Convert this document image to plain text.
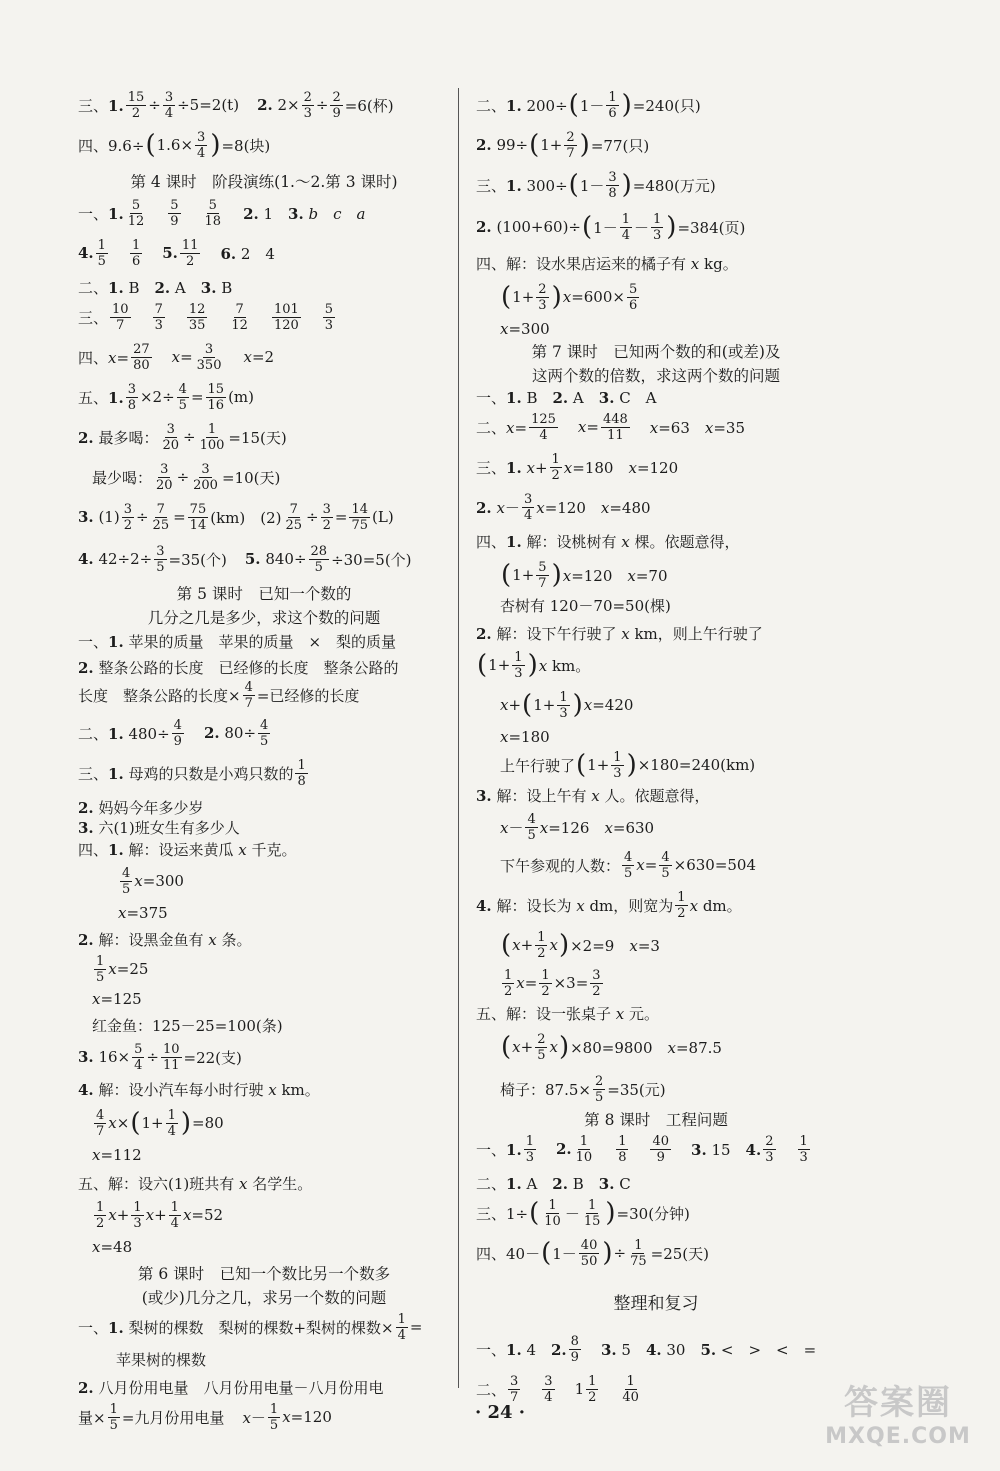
三、1. $\frac{15}{2} \div \frac{3}{4} \div 5=2(t)$ 2. $2\times \frac{2}{3} \div \frac{2}{9} =6$(杯)
四、9.6÷ ( $1.6\times \frac{3}{4}$ ) =8(块)
第 4 课时　阶段演练(1.～2.第 3 课时)
一、1. $\frac{5}{12} \frac{5}{9} \frac{5}{18} 2$. 1　3. b　 c　 a
4. $\frac{1}{5} \frac{1}{6} 5$. $\frac{11}{2} 6$. 2　4
二、1. B　2. A　3. B
三、 $\frac{10}{7} \frac{7}{3} \frac{12}{35} \frac{7}{12} \frac{101}{120} \frac{5}{3}$
四、$x= \frac{27}{80} x= \frac{3}{350} x=2$
五、1. $\frac{3}{8} \times 2\div \frac{4}{5} = \frac{15}{16} (m)$
2. 最多喝： $\frac{3}{20} \div \frac{1}{100} =15$(天)
最少喝： $\frac{3}{20} \div \frac{3}{200} =10$(天)
3. $(1) \frac{3}{2} \div \frac{7}{25} = \frac{75}{14} (km)$　$(2) \frac{7}{25} \div \frac{3}{2} = \frac{14}{75} (L)$
4. $42\div 2\div \frac{3}{5} =35$(个) 5. $840\div \frac{28}{5} \div 30=5$(个)
第 5 课时　已知一个数的
几分之几是多少，求这个数的问题
一、1. 苹果的质量　苹果的质量　×　梨的质量
2. 整条公路的长度　已经修的长度　整条公路的
长度　整条公路的长度× $\frac{4}{7}$ =已经修的长度
二、1. $480\div \frac{4}{9} 2$. $80\div \frac{4}{5}$
三、1. 母鸡的只数是小鸡只数的 $\frac{1}{8}$
2. 妈妈今年多少岁
3. 六(1)班女生有多少人
四、1. 解：设运来黄瓜 x 千克。
$\frac{4}{5} x=300$
x=375
2. 解：设黑金鱼有 x 条。
$\frac{1}{5} x=25$
x=125
红金鱼：125－25=100(条)
3. $16\times \frac{5}{4} \div \frac{10}{11} =22$(支)
4. 解：设小汽车每小时行驶 x km。
$\frac{4}{7} x\times$ ( $1+ \frac{1}{4}$ ) =80
x=112
五、解：设六(1)班共有 x 名学生。
$\frac{1}{2} x+ \frac{1}{3} x+ \frac{1}{4} x=52$
x=48
第 6 课时　已知一个数比另一个数多
(或少)几分之几，求另一个数的问题
一、1. 梨树的棵数　梨树的棵数+梨树的棵数× $\frac{1}{4}$ =
苹果树的棵数
2. 八月份用电量　八月份用电量－八月份用电
量× $\frac{1}{5}$ =九月份用电量 $x- \frac{1}{5} x=120$
二、1. 200÷ ( $1- \frac{1}{6}$ ) =240(只)
2. 99÷ ( $1+ \frac{2}{7}$ ) =77(只)
三、1. 300÷ ( $1- \frac{3}{8}$ ) =480(万元)
2. (100+60)÷ ( $1- \frac{1}{4} - \frac{1}{3}$ ) =384(页)
四、解：设水果店运来的橘子有 x kg。
( $1+ \frac{2}{3}$ ) $x=600\times \frac{5}{6}$
x=300
第 7 课时　已知两个数的和(或差)及
这两个数的倍数，求这两个数的问题
一、1. B　2. A　3. C　A
二、$x= \frac{125}{4} x= \frac{448}{11} x=63$　x=35
三、1. $x+ \frac{1}{2} x=180$　x=120
2. $x- \frac{3}{4} x=120$　x=480
四、1. 解：设桃树有 x 棵。依题意得，
( $1+ \frac{5}{7}$ ) x=120　x=70
杏树有 120－70=50(棵)
2. 解：设下午行驶了 x km，则上午行驶了
( $1+ \frac{1}{3}$ ) x km。
x+ ( $1+ \frac{1}{3}$ ) x=420
x=180
上午行驶了 ( $1+ \frac{1}{3}$ ) ×180=240(km)
3. 解：设上午有 x 人。依题意得，
$x- \frac{4}{5} x=126$　x=630
下午参观的人数： $\frac{4}{5} x= \frac{4}{5} \times 630=504$
4. 解：设长为 x dm，则宽为 $\frac{1}{2}$ x dm。
( $x+ \frac{1}{2}$ x ) ×2=9　x=3
$\frac{1}{2} x= \frac{1}{2} \times 3= \frac{3}{2}$
五、解：设一张桌子 x 元。
( $x+ \frac{2}{5}$ x ) ×80=9800　x=87.5
椅子：$87.5\times \frac{2}{5} =35$(元)
第 8 课时　工程问题
一、1. $\frac{1}{3} 2$. $\frac{1}{10} \frac{1}{8} \frac{40}{9} 3$. 15　4. $\frac{2}{3} \frac{1}{3}$
二、1. A　2. B　3. C
三、1÷ ( $\frac{1}{10} - \frac{1}{15}$ ) =30(分钟)
四、40－ ( $1- \frac{40}{50}$ ) ÷ $\frac{1}{75} =25$(天)
整理和复习
一、1. 4　2. $\frac{8}{9} 3$. 5　4. 30　5. <　>　<　=
二、 $\frac{3}{7} \frac{3}{4} 1 \frac{1}{2} \frac{1}{40}$
· 24 ·	答案圈
MXQE.COM
